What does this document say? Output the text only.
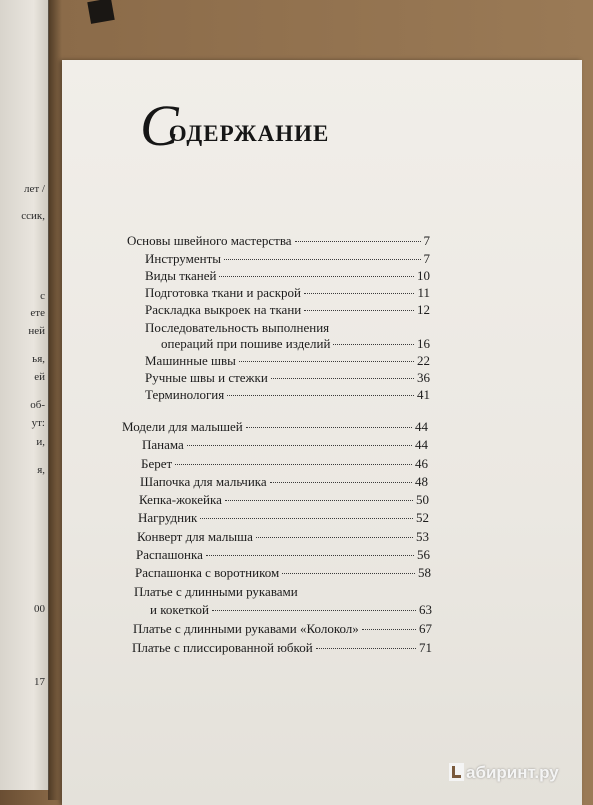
лет /
ссик,
с
ете
ней
ья,
ей
об-
ут:
и,
я,
00
17
СОДЕРЖАНИЕ
Основы швейного мастерства	7
Инструменты	7
Виды тканей	10
Подготовка ткани и раскрой	11
Раскладка выкроек на ткани	12
Последовательность выполнения
операций при пошиве изделий	16
Машинные швы	22
Ручные швы и стежки	36
Терминология	41
Модели для малышей	44
Панама	44
Берет	46
Шапочка для мальчика	48
Кепка-жокейка	50
Нагрудник	52
Конверт для малыша	53
Распашонка	56
Распашонка с воротником	58
Платье с длинными рукавами
и кокеткой	63
Платье с длинными рукавами «Колокол»	67
Платье с плиссированной юбкой	71
абиринт.ру
